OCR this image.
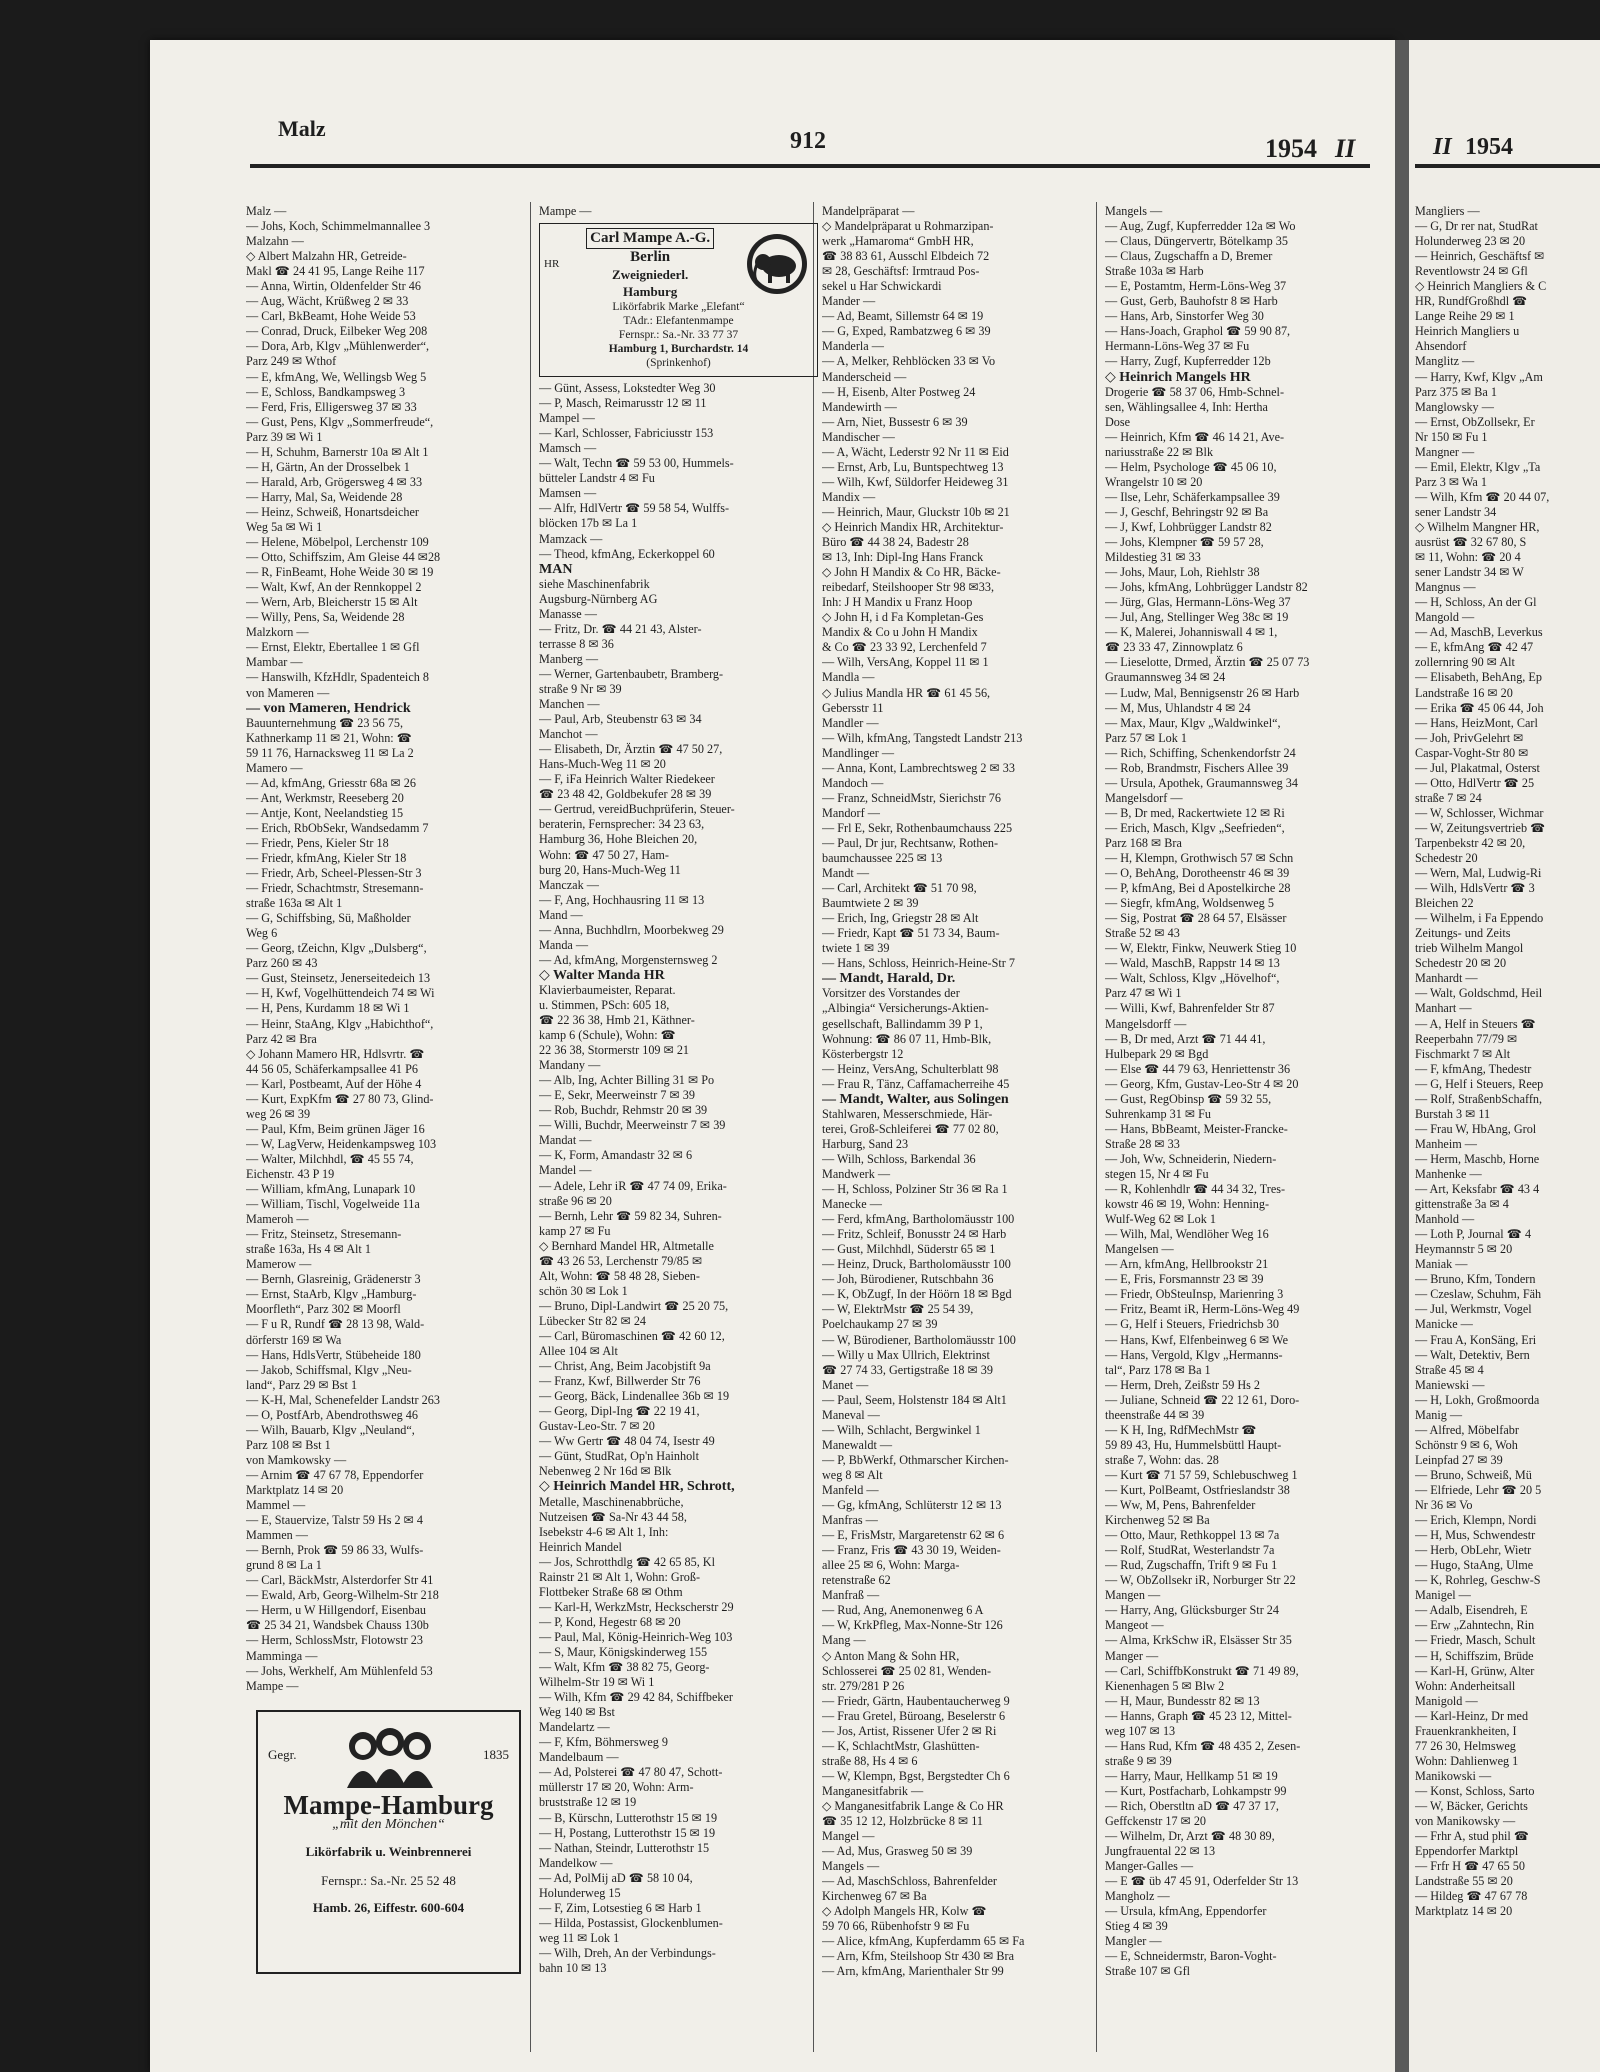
Malz	912	1954 II
Malz —
— Johs, Koch, Schimmelmannallee 3
Malzahn —
◇ Albert Malzahn HR, Getreide-
Makl ☎ 24 41 95, Lange Reihe 117
— Anna, Wirtin, Oldenfelder Str 46
— Aug, Wächt, Krüßweg 2 ✉ 33
— Carl, BkBeamt, Hohe Weide 53
— Conrad, Druck, Eilbeker Weg 208
— Dora, Arb, Klgv „Mühlenwerder“,
Parz 249 ✉ Wthof
— E, kfmAng, We, Wellingsb Weg 5
— E, Schloss, Bandkampsweg 3
— Ferd, Fris, Elligersweg 37 ✉ 33
— Gust, Pens, Klgv „Sommerfreude“,
Parz 39 ✉ Wi 1
— H, Schuhm, Barnerstr 10a ✉ Alt 1
— H, Gärtn, An der Drosselbek 1
— Harald, Arb, Grögersweg 4 ✉ 33
— Harry, Mal, Sa, Weidende 28
— Heinz, Schweiß, Honartsdeicher
Weg 5a ✉ Wi 1
— Helene, Möbelpol, Lerchenstr 109
— Otto, Schiffszim, Am Gleise 44 ✉28
— R, FinBeamt, Hohe Weide 30 ✉ 19
— Walt, Kwf, An der Rennkoppel 2
— Wern, Arb, Bleicherstr 15 ✉ Alt
— Willy, Pens, Sa, Weidende 28
Malzkorn —
— Ernst, Elektr, Ebertallee 1 ✉ Gfl
Mambar —
— Hanswilh, KfzHdlr, Spadenteich 8
von Mameren —
— von Mameren, Hendrick
Bauunternehmung ☎ 23 56 75,
Kathnerkamp 11 ✉ 21, Wohn: ☎
59 11 76, Harnacksweg 11 ✉ La 2
Mamero —
— Ad, kfmAng, Griesstr 68a ✉ 26
— Ant, Werkmstr, Reeseberg 20
— Antje, Kont, Neelandstieg 15
— Erich, RbObSekr, Wandsedamm 7
— Friedr, Pens, Kieler Str 18
— Friedr, kfmAng, Kieler Str 18
— Friedr, Arb, Scheel-Plessen-Str 3
— Friedr, Schachtmstr, Stresemann-
straße 163a ✉ Alt 1
— G, Schiffsbing, Sü, Maßholder
Weg 6
— Georg, tZeichn, Klgv „Dulsberg“,
Parz 260 ✉ 43
— Gust, Steinsetz, Jenerseitedeich 13
— H, Kwf, Vogelhüttendeich 74 ✉ Wi
— H, Pens, Kurdamm 18 ✉ Wi 1
— Heinr, StaAng, Klgv „Habichthof“,
Parz 42 ✉ Bra
◇ Johann Mamero HR, Hdlsvrtr. ☎
44 56 05, Schäferkampsallee 41 P6
— Karl, Postbeamt, Auf der Höhe 4
— Kurt, ExpKfm ☎ 27 80 73, Glind-
weg 26 ✉ 39
— Paul, Kfm, Beim grünen Jäger 16
— W, LagVerw, Heidenkampsweg 103
— Walter, Milchhdl, ☎ 45 55 74,
Eichenstr. 43 P 19
— William, kfmAng, Lunapark 10
— William, Tischl, Vogelweide 11a
Mameroh —
— Fritz, Steinsetz, Stresemann-
straße 163a, Hs 4 ✉ Alt 1
Mamerow —
— Bernh, Glasreinig, Grädenerstr 3
— Ernst, StaArb, Klgv „Hamburg-
Moorfleth“, Parz 302 ✉ Moorfl
— F u R, Rundf ☎ 28 13 98, Wald-
dörferstr 169 ✉ Wa
— Hans, HdlsVertr, Stübeheide 180
— Jakob, Schiffsmal, Klgv „Neu-
land“, Parz 29 ✉ Bst 1
— K-H, Mal, Schenefelder Landstr 263
— O, PostfArb, Abendrothsweg 46
— Wilh, Bauarb, Klgv „Neuland“,
Parz 108 ✉ Bst 1
von Mamkowsky —
— Arnim ☎ 47 67 78, Eppendorfer
Marktplatz 14 ✉ 20
Mammel —
— E, Stauervize, Talstr 59 Hs 2 ✉ 4
Mammen —
— Bernh, Prok ☎ 59 86 33, Wulfs-
grund 8 ✉ La 1
— Carl, BäckMstr, Alsterdorfer Str 41
— Ewald, Arb, Georg-Wilhelm-Str 218
— Herm, u W Hillgendorf, Eisenbau
☎ 25 34 21, Wandsbek Chauss 130b
— Herm, SchlossMstr, Flotowstr 23
Mamminga —
— Johs, Werkhelf, Am Mühlenfeld 53
Mampe —
Gegr.	1835
Mampe-Hamburg
„mit den Mönchen“
Likörfabrik u. Weinbrennerei
Fernspr.: Sa.-Nr. 25 52 48
Hamb. 26, Eiffestr. 600-604
Mampe —
HR
Carl Mampe A.-G.
Berlin
Zweigniederl.
Hamburg
Likörfabrik Marke „Elefant“
TAdr.: Elefantenmampe
Fernspr.: Sa.-Nr. 33 77 37
Hamburg 1, Burchardstr. 14
(Sprinkenhof)
— Günt, Assess, Lokstedter Weg 30
— P, Masch, Reimarusstr 12 ✉ 11
Mampel —
— Karl, Schlosser, Fabriciusstr 153
Mamsch —
— Walt, Techn ☎ 59 53 00, Hummels-
bütteler Landstr 4 ✉ Fu
Mamsen —
— Alfr, HdlVertr ☎ 59 58 54, Wulffs-
blöcken 17b ✉ La 1
Mamzack —
— Theod, kfmAng, Eckerkoppel 60
MAN
siehe Maschinenfabrik
Augsburg-Nürnberg AG
Manasse —
— Fritz, Dr. ☎ 44 21 43, Alster-
terrasse 8 ✉ 36
Manberg —
— Werner, Gartenbaubetr, Bramberg-
straße 9 Nr ✉ 39
Manchen —
— Paul, Arb, Steubenstr 63 ✉ 34
Manchot —
— Elisabeth, Dr, Ärztin ☎ 47 50 27,
Hans-Much-Weg 11 ✉ 20
— F, iFa Heinrich Walter Riedekeer
☎ 23 48 42, Goldbekufer 28 ✉ 39
— Gertrud, vereidBuchprüferin, Steuer-
beraterin, Fernsprecher: 34 23 63,
Hamburg 36, Hohe Bleichen 20,
Wohn: ☎ 47 50 27, Ham-
burg 20, Hans-Much-Weg 11
Manczak —
— F, Ang, Hochhausring 11 ✉ 13
Mand —
— Anna, Buchhdlrn, Moorbekweg 29
Manda —
— Ad, kfmAng, Morgensternsweg 2
◇ Walter Manda HR
Klavierbaumeister, Reparat.
u. Stimmen, PSch: 605 18,
☎ 22 36 38, Hmb 21, Käthner-
kamp 6 (Schule), Wohn: ☎
22 36 38, Stormerstr 109 ✉ 21
Mandany —
— Alb, Ing, Achter Billing 31 ✉ Po
— E, Sekr, Meerweinstr 7 ✉ 39
— Rob, Buchdr, Rehmstr 20 ✉ 39
— Willi, Buchdr, Meerweinstr 7 ✉ 39
Mandat —
— K, Form, Amandastr 32 ✉ 6
Mandel —
— Adele, Lehr iR ☎ 47 74 09, Erika-
straße 96 ✉ 20
— Bernh, Lehr ☎ 59 82 34, Suhren-
kamp 27 ✉ Fu
◇ Bernhard Mandel HR, Altmetalle
☎ 43 26 53, Lerchenstr 79/85 ✉
Alt, Wohn: ☎ 58 48 28, Sieben-
schön 30 ✉ Lok 1
— Bruno, Dipl-Landwirt ☎ 25 20 75,
Lübecker Str 82 ✉ 24
— Carl, Büromaschinen ☎ 42 60 12,
Allee 104 ✉ Alt
— Christ, Ang, Beim Jacobjstift 9a
— Franz, Kwf, Billwerder Str 76
— Georg, Bäck, Lindenallee 36b ✉ 19
— Georg, Dipl-Ing ☎ 22 19 41,
Gustav-Leo-Str. 7 ✉ 20
— Ww Gertr ☎ 48 04 74, Isestr 49
— Günt, StudRat, Op'n Hainholt
Nebenweg 2 Nr 16d ✉ Blk
◇ Heinrich Mandel HR, Schrott,
Metalle, Maschinenabbrüche,
Nutzeisen ☎ Sa-Nr 43 44 58,
Isebekstr 4-6 ✉ Alt 1, Inh:
Heinrich Mandel
— Jos, Schrotthdlg ☎ 42 65 85, Kl
Rainstr 21 ✉ Alt 1, Wohn: Groß-
Flottbeker Straße 68 ✉ Othm
— Karl-H, WerkzMstr, Heckscherstr 29
— P, Kond, Hegestr 68 ✉ 20
— Paul, Mal, König-Heinrich-Weg 103
— S, Maur, Königskinderweg 155
— Walt, Kfm ☎ 38 82 75, Georg-
Wilhelm-Str 19 ✉ Wi 1
— Wilh, Kfm ☎ 29 42 84, Schiffbeker
Weg 140 ✉ Bst
Mandelartz —
— F, Kfm, Böhmersweg 9
Mandelbaum —
— Ad, Polsterei ☎ 47 80 47, Schott-
müllerstr 17 ✉ 20, Wohn: Arm-
bruststraße 12 ✉ 19
— B, Kürschn, Lutterothstr 15 ✉ 19
— H, Postang, Lutterothstr 15 ✉ 19
— Nathan, Steindr, Lutterothstr 15
Mandelkow —
— Ad, PolMij aD ☎ 58 10 04,
Holunderweg 15
— F, Zim, Lotsestieg 6 ✉ Harb 1
— Hilda, Postassist, Glockenblumen-
weg 11 ✉ Lok 1
— Wilh, Dreh, An der Verbindungs-
bahn 10 ✉ 13
Mandelpräparat —
◇ Mandelpräparat u Rohmarzipan-
werk „Hamaroma“ GmbH HR,
☎ 38 83 61, Ausschl Elbdeich 72
✉ 28, Geschäftsf: Irmtraud Pos-
sekel u Har Schwickardi
Mander —
— Ad, Beamt, Sillemstr 64 ✉ 19
— G, Exped, Rambatzweg 6 ✉ 39
Manderla —
— A, Melker, Rehblöcken 33 ✉ Vo
Manderscheid —
— H, Eisenb, Alter Postweg 24
Mandewirth —
— Arn, Niet, Bussestr 6 ✉ 39
Mandischer —
— A, Wächt, Lederstr 92 Nr 11 ✉ Eid
— Ernst, Arb, Lu, Buntspechtweg 13
— Wilh, Kwf, Süldorfer Heideweg 31
Mandix —
— Heinrich, Maur, Gluckstr 10b ✉ 21
◇ Heinrich Mandix HR, Architektur-
Büro ☎ 44 38 24, Badestr 28
✉ 13, Inh: Dipl-Ing Hans Franck
◇ John H Mandix & Co HR, Bäcke-
reibedarf, Steilshooper Str 98 ✉33,
Inh: J H Mandix u Franz Hoop
◇ John H, i d Fa Kompletan-Ges
Mandix & Co u John H Mandix
& Co ☎ 23 33 92, Lerchenfeld 7
— Wilh, VersAng, Koppel 11 ✉ 1
Mandla —
◇ Julius Mandla HR ☎ 61 45 56,
Gebersstr 11
Mandler —
— Wilh, kfmAng, Tangstedt Landstr 213
Mandlinger —
— Anna, Kont, Lambrechtsweg 2 ✉ 33
Mandoch —
— Franz, SchneidMstr, Sierichstr 76
Mandorf —
— Frl E, Sekr, Rothenbaumchauss 225
— Paul, Dr jur, Rechtsanw, Rothen-
baumchaussee 225 ✉ 13
Mandt —
— Carl, Architekt ☎ 51 70 98,
Baumtwiete 2 ✉ 39
— Erich, Ing, Griegstr 28 ✉ Alt
— Friedr, Kapt ☎ 51 73 34, Baum-
twiete 1 ✉ 39
— Hans, Schloss, Heinrich-Heine-Str 7
— Mandt, Harald, Dr.
Vorsitzer des Vorstandes der
„Albingia“ Versicherungs-Aktien-
gesellschaft, Ballindamm 39 P 1,
Wohnung: ☎ 86 07 11, Hmb-Blk,
Kösterbergstr 12
— Heinz, VersAng, Schulterblatt 98
— Frau R, Tänz, Caffamacherreihe 45
— Mandt, Walter, aus Solingen
Stahlwaren, Messerschmiede, Här-
terei, Groß-Schleiferei ☎ 77 02 80,
Harburg, Sand 23
— Wilh, Schloss, Barkendal 36
Mandwerk —
— H, Schloss, Polziner Str 36 ✉ Ra 1
Manecke —
— Ferd, kfmAng, Bartholomäusstr 100
— Fritz, Schleif, Bonusstr 24 ✉ Harb
— Gust, Milchhdl, Süderstr 65 ✉ 1
— Heinz, Druck, Bartholomäusstr 100
— Joh, Bürodiener, Rutschbahn 36
— K, ObZugf, In der Höörn 18 ✉ Bgd
— W, ElektrMstr ☎ 25 54 39,
Poelchaukamp 27 ✉ 39
— W, Bürodiener, Bartholomäusstr 100
— Willy u Max Ullrich, Elektrinst
☎ 27 74 33, Gertigstraße 18 ✉ 39
Manet —
— Paul, Seem, Holstenstr 184 ✉ Alt1
Maneval —
— Wilh, Schlacht, Bergwinkel 1
Manewaldt —
— P, BbWerkf, Othmarscher Kirchen-
weg 8 ✉ Alt
Manfeld —
— Gg, kfmAng, Schlüterstr 12 ✉ 13
Manfras —
— E, FrisMstr, Margaretenstr 62 ✉ 6
— Franz, Fris ☎ 43 30 19, Weiden-
allee 25 ✉ 6, Wohn: Marga-
retenstraße 62
Manfraß —
— Rud, Ang, Anemonenweg 6 A
— W, KrkPfleg, Max-Nonne-Str 126
Mang —
◇ Anton Mang & Sohn HR,
Schlosserei ☎ 25 02 81, Wenden-
str. 279/281 P 26
— Friedr, Gärtn, Haubentaucherweg 9
— Frau Gretel, Büroang, Beselerstr 6
— Jos, Artist, Rissener Ufer 2 ✉ Ri
— K, SchlachtMstr, Glashütten-
straße 88, Hs 4 ✉ 6
— W, Klempn, Bgst, Bergstedter Ch 6
Manganesitfabrik —
◇ Manganesitfabrik Lange & Co HR
☎ 35 12 12, Holzbrücke 8 ✉ 11
Mangel —
— Ad, Mus, Grasweg 50 ✉ 39
Mangels —
— Ad, MaschSchloss, Bahrenfelder
Kirchenweg 67 ✉ Ba
◇ Adolph Mangels HR, Kolw ☎
59 70 66, Rübenhofstr 9 ✉ Fu
— Alice, kfmAng, Kupferdamm 65 ✉ Fa
— Arn, Kfm, Steilshoop Str 430 ✉ Bra
— Arn, kfmAng, Marienthaler Str 99
Mangels —
— Aug, Zugf, Kupferredder 12a ✉ Wo
— Claus, Düngervertr, Bötelkamp 35
— Claus, Zugschaffn a D, Bremer
Straße 103a ✉ Harb
— E, Postamtm, Herm-Löns-Weg 37
— Gust, Gerb, Bauhofstr 8 ✉ Harb
— Hans, Arb, Sinstorfer Weg 30
— Hans-Joach, Graphol ☎ 59 90 87,
Hermann-Löns-Weg 37 ✉ Fu
— Harry, Zugf, Kupferredder 12b
◇ Heinrich Mangels HR
Drogerie ☎ 58 37 06, Hmb-Schnel-
sen, Wählingsallee 4, Inh: Hertha
Dose
— Heinrich, Kfm ☎ 46 14 21, Ave-
nariusstraße 22 ✉ Blk
— Helm, Psychologe ☎ 45 06 10,
Wrangelstr 10 ✉ 20
— Ilse, Lehr, Schäferkampsallee 39
— J, Geschf, Behringstr 92 ✉ Ba
— J, Kwf, Lohbrügger Landstr 82
— Johs, Klempner ☎ 59 57 28,
Mildestieg 31 ✉ 33
— Johs, Maur, Loh, Riehlstr 38
— Johs, kfmAng, Lohbrügger Landstr 82
— Jürg, Glas, Hermann-Löns-Weg 37
— Jul, Ang, Stellinger Weg 38c ✉ 19
— K, Malerei, Johanniswall 4 ✉ 1,
☎ 23 33 47, Zinnowplatz 6
— Lieselotte, Drmed, Ärztin ☎ 25 07 73
Graumannsweg 34 ✉ 24
— Ludw, Mal, Bennigsenstr 26 ✉ Harb
— M, Mus, Uhlandstr 4 ✉ 24
— Max, Maur, Klgv „Waldwinkel“,
Parz 57 ✉ Lok 1
— Rich, Schiffing, Schenkendorfstr 24
— Rob, Brandmstr, Fischers Allee 39
— Ursula, Apothek, Graumannsweg 34
Mangelsdorf —
— B, Dr med, Rackertwiete 12 ✉ Ri
— Erich, Masch, Klgv „Seefrieden“,
Parz 168 ✉ Bra
— H, Klempn, Grothwisch 57 ✉ Schn
— O, BehAng, Dorotheenstr 46 ✉ 39
— P, kfmAng, Bei d Apostelkirche 28
— Siegfr, kfmAng, Woldsenweg 5
— Sig, Postrat ☎ 28 64 57, Elsässer
Straße 52 ✉ 43
— W, Elektr, Finkw, Neuwerk Stieg 10
— Wald, MaschB, Rappstr 14 ✉ 13
— Walt, Schloss, Klgv „Hövelhof“,
Parz 47 ✉ Wi 1
— Willi, Kwf, Bahrenfelder Str 87
Mangelsdorff —
— B, Dr med, Arzt ☎ 71 44 41,
Hulbepark 29 ✉ Bgd
— Else ☎ 44 79 63, Henriettenstr 36
— Georg, Kfm, Gustav-Leo-Str 4 ✉ 20
— Gust, RegObinsp ☎ 59 32 55,
Suhrenkamp 31 ✉ Fu
— Hans, BbBeamt, Meister-Francke-
Straße 28 ✉ 33
— Joh, Ww, Schneiderin, Niedern-
stegen 15, Nr 4 ✉ Fu
— R, Kohlenhdlr ☎ 44 34 32, Tres-
kowstr 46 ✉ 19, Wohn: Henning-
Wulf-Weg 62 ✉ Lok 1
— Wilh, Mal, Wendlöher Weg 16
Mangelsen —
— Arn, kfmAng, Hellbrookstr 21
— E, Fris, Forsmannstr 23 ✉ 39
— Friedr, ObSteuInsp, Marienring 3
— Fritz, Beamt iR, Herm-Löns-Weg 49
— G, Helf i Steuers, Friedrichsb 30
— Hans, Kwf, Elfenbeinweg 6 ✉ We
— Hans, Vergold, Klgv „Hermanns-
tal“, Parz 178 ✉ Ba 1
— Herm, Dreh, Zeißstr 59 Hs 2
— Juliane, Schneid ☎ 22 12 61, Doro-
theenstraße 44 ✉ 39
— K H, Ing, RdfMechMstr ☎
59 89 43, Hu, Hummelsbüttl Haupt-
straße 7, Wohn: das. 28
— Kurt ☎ 71 57 59, Schlebuschweg 1
— Kurt, PolBeamt, Ostfrieslandstr 38
— Ww, M, Pens, Bahrenfelder
Kirchenweg 52 ✉ Ba
— Otto, Maur, Rethkoppel 13 ✉ 7a
— Rolf, StudRat, Westerlandstr 7a
— Rud, Zugschaffn, Trift 9 ✉ Fu 1
— W, ObZollsekr iR, Norburger Str 22
Mangen —
— Harry, Ang, Glücksburger Str 24
Mangeot —
— Alma, KrkSchw iR, Elsässer Str 35
Manger —
— Carl, SchiffbKonstrukt ☎ 71 49 89,
Kienenhagen 5 ✉ Blw 2
— H, Maur, Bundesstr 82 ✉ 13
— Hanns, Graph ☎ 45 23 12, Mittel-
weg 107 ✉ 13
— Hans Rud, Kfm ☎ 48 435 2, Zesen-
straße 9 ✉ 39
— Harry, Maur, Hellkamp 51 ✉ 19
— Kurt, Postfacharb, Lohkampstr 99
— Rich, Oberstltn aD ☎ 47 37 17,
Geffckenstr 17 ✉ 20
— Wilhelm, Dr, Arzt ☎ 48 30 89,
Jungfrauental 22 ✉ 13
Manger-Galles —
— E ☎ üb 47 45 91, Oderfelder Str 13
Mangholz —
— Ursula, kfmAng, Eppendorfer
Stieg 4 ✉ 39
Mangler —
— E, Schneidermstr, Baron-Voght-
Straße 107 ✉ Gfl
II 1954
Mangliers —
— G, Dr rer nat, StudRat
Holunderweg 23 ✉ 20
— Heinrich, Geschäftsf ✉
Reventlowstr 24 ✉ Gfl
◇ Heinrich Mangliers & C
HR, RundfGroßhdl ☎
Lange Reihe 29 ✉ 1
Heinrich Mangliers u
Ahsendorf
Manglitz —
— Harry, Kwf, Klgv „Am
Parz 375 ✉ Ba 1
Manglowsky —
— Ernst, ObZollsekr, Er
Nr 150 ✉ Fu 1
Mangner —
— Emil, Elektr, Klgv „Ta
Parz 3 ✉ Wa 1
— Wilh, Kfm ☎ 20 44 07,
sener Landstr 34
◇ Wilhelm Mangner HR,
ausrüst ☎ 32 67 80, S
✉ 11, Wohn: ☎ 20 4
sener Landstr 34 ✉ W
Mangnus —
— H, Schloss, An der Gl
Mangold —
— Ad, MaschB, Leverkus
— E, kfmAng ☎ 42 47
zollernring 90 ✉ Alt
— Elisabeth, BehAng, Ep
Landstraße 16 ✉ 20
— Erika ☎ 45 06 44, Joh
— Hans, HeizMont, Carl
— Joh, PrivGelehrt ✉
Caspar-Voght-Str 80 ✉
— Jul, Plakatmal, Osterst
— Otto, HdlVertr ☎ 25
straße 7 ✉ 24
— W, Schlosser, Wichmar
— W, Zeitungsvertrieb ☎
Tarpenbekstr 42 ✉ 20,
Schedestr 20
— Wern, Mal, Ludwig-Ri
— Wilh, HdlsVertr ☎ 3
Bleichen 22
— Wilhelm, i Fa Eppendo
Zeitungs- und Zeits
trieb Wilhelm Mangol
Schedestr 20 ✉ 20
Manhardt —
— Walt, Goldschmd, Heil
Manhart —
— A, Helf in Steuers ☎
Reeperbahn 77/79 ✉
Fischmarkt 7 ✉ Alt
— F, kfmAng, Thedestr
— G, Helf i Steuers, Reep
— Rolf, StraßenbSchaffn,
Burstah 3 ✉ 11
— Frau W, HbAng, Grol
Manheim —
— Herm, Maschb, Horne
Manhenke —
— Art, Keksfabr ☎ 43 4
gittenstraße 3a ✉ 4
Manhold —
— Loth P, Journal ☎ 4
Heymannstr 5 ✉ 20
Maniak —
— Bruno, Kfm, Tondern
— Czeslaw, Schuhm, Fäh
— Jul, Werkmstr, Vogel
Manicke —
— Frau A, KonSäng, Eri
— Walt, Detektiv, Bern
Straße 45 ✉ 4
Maniewski —
— H, Lokh, Großmoorda
Manig —
— Alfred, Möbelfabr
Schönstr 9 ✉ 6, Woh
Leinpfad 27 ✉ 39
— Bruno, Schweiß, Mü
— Elfriede, Lehr ☎ 20 5
Nr 36 ✉ Vo
— Erich, Klempn, Nordi
— H, Mus, Schwendestr
— Herb, ObLehr, Wietr
— Hugo, StaAng, Ulme
— K, Rohrleg, Geschw-S
Manigel —
— Adalb, Eisendreh, E
— Erw „Zahntechn, Rin
— Friedr, Masch, Schult
— H, Schiffszim, Brüde
— Karl-H, Grünw, Alter
Wohn: Anderheitsall
Manigold —
— Karl-Heinz, Dr med
Frauenkrankheiten, I
77 26 30, Helmsweg
Wohn: Dahlienweg 1
Manikowski —
— Konst, Schloss, Sarto
— W, Bäcker, Gerichts
von Manikowsky —
— Frhr A, stud phil ☎
Eppendorfer Marktpl
— Frfr H ☎ 47 65 50
Landstraße 55 ✉ 20
— Hildeg ☎ 47 67 78
Marktplatz 14 ✉ 20
